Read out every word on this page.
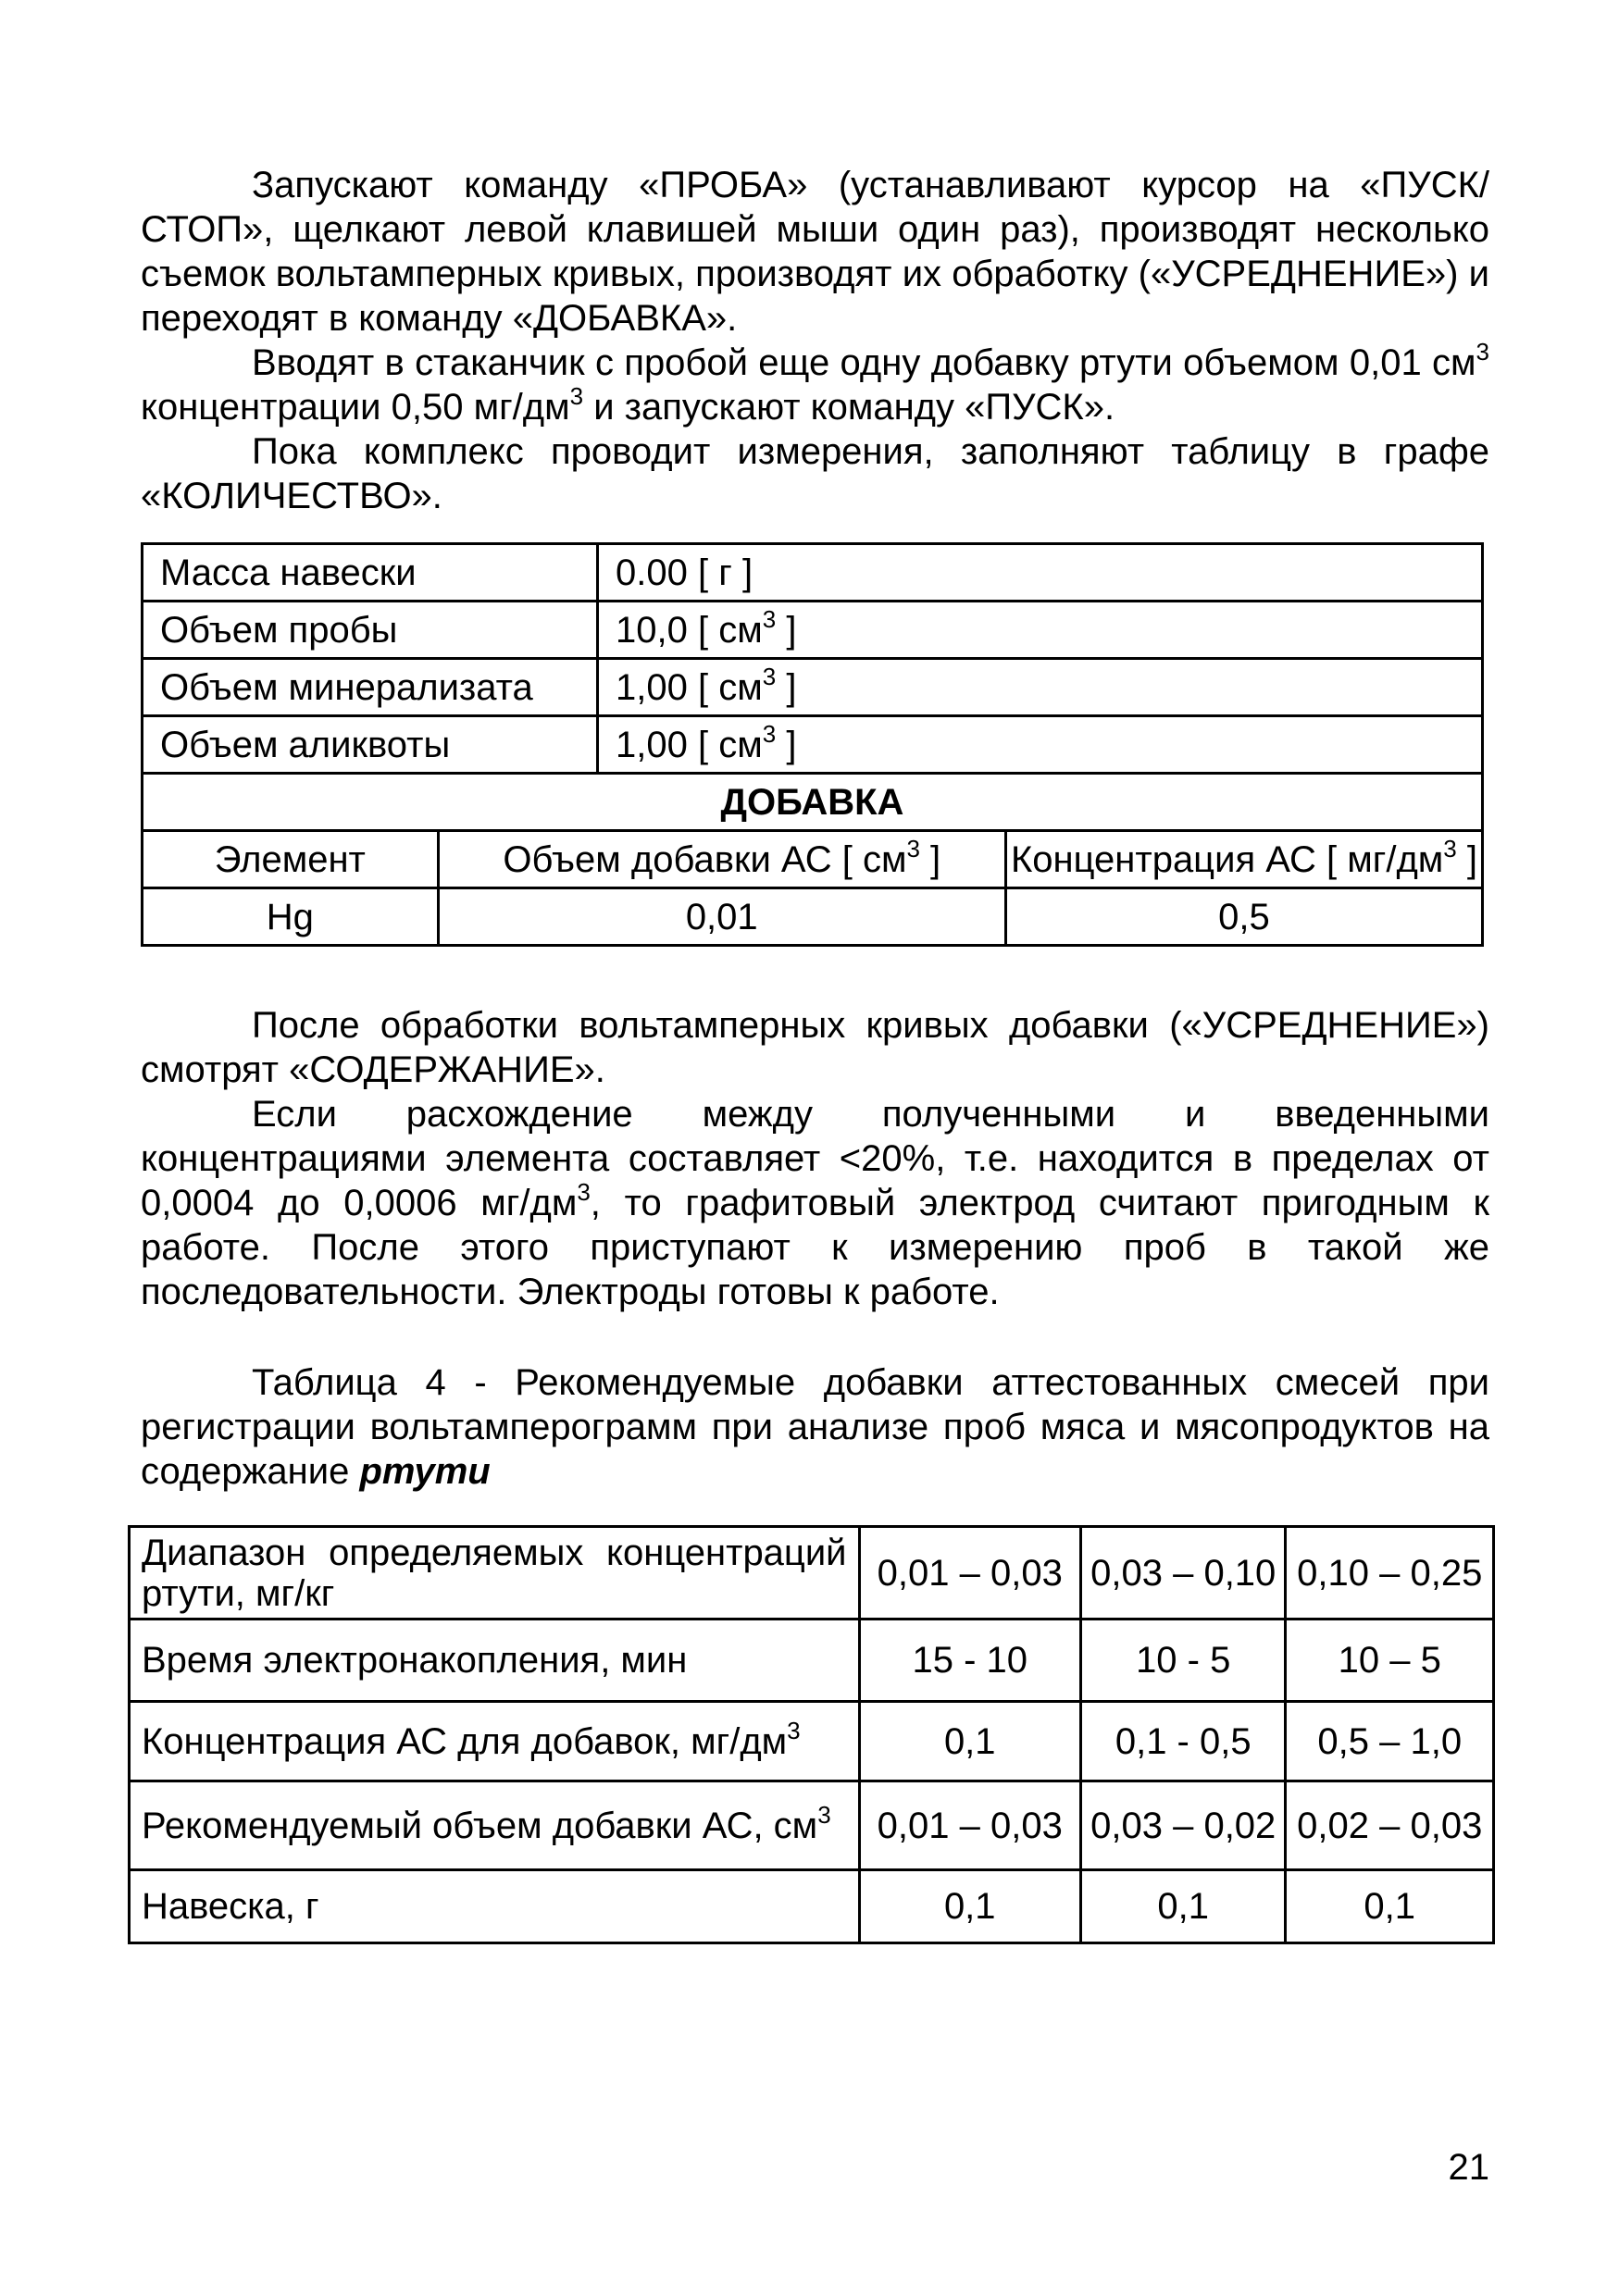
Запускают команду «ПРОБА» (устанавливают курсор на «ПУСК/СТОП», щелкают левой клавишей мыши один раз), производят несколько съемок вольтамперных кривых, производят их обработку («УСРЕДНЕНИЕ») и переходят в команду «ДОБАВКА».

Вводят в стаканчик с пробой еще одну добавку ртути объемом 0,01 $см^3$ концентрации 0,50 $мг/дм^3$ и запускают команду «ПУСК».

Пока комплекс проводит измерения, заполняют таблицу в графе «КОЛИЧЕСТВО».

Масса навески		0.00 [ г ]	
Объем пробы		10,0 [ $см^3$ ]	
Объем минерализата		1,00 [ $см^3$ ]	
Объем аликвоты		1,00 [ $см^3$ ]	
ДОБАВКА			
Элемент	Объем добавки АС [ $см^3$ ]		Концентрация АС [ $мг/дм^3$ ]
Hg	0,01		0,5

После обработки вольтамперных кривых добавки («УСРЕДНЕНИЕ») смотрят «СОДЕРЖАНИЕ».

Если расхождение между полученными и введенными концентрациями элемента составляет <20%, т.е. находится в пределах от 0,0004 до 0,0006 $мг/дм^3$, то графитовый электрод считают пригодным к работе. После этого приступают к измерению проб в такой же последовательности. Электроды готовы к работе.

Таблица 4 - Рекомендуемые добавки аттестованных смесей при регистрации вольтамперограмм при анализе проб мяса и мясопродуктов на содержание ртути

Диапазон определяемых концентраций ртути, мг/кг	0,01 – 0,03	0,03 – 0,10	0,10 – 0,25
Время электронакопления, мин	15 - 10	10 - 5	10 – 5
Концентрация АС для добавок, $мг/дм^3$	0,1	0,1 - 0,5	0,5 – 1,0
Рекомендуемый объем добавки АС, $см^3$	0,01 – 0,03	0,03 – 0,02	0,02 – 0,03
Навеска, г	0,1	0,1	0,1
21
